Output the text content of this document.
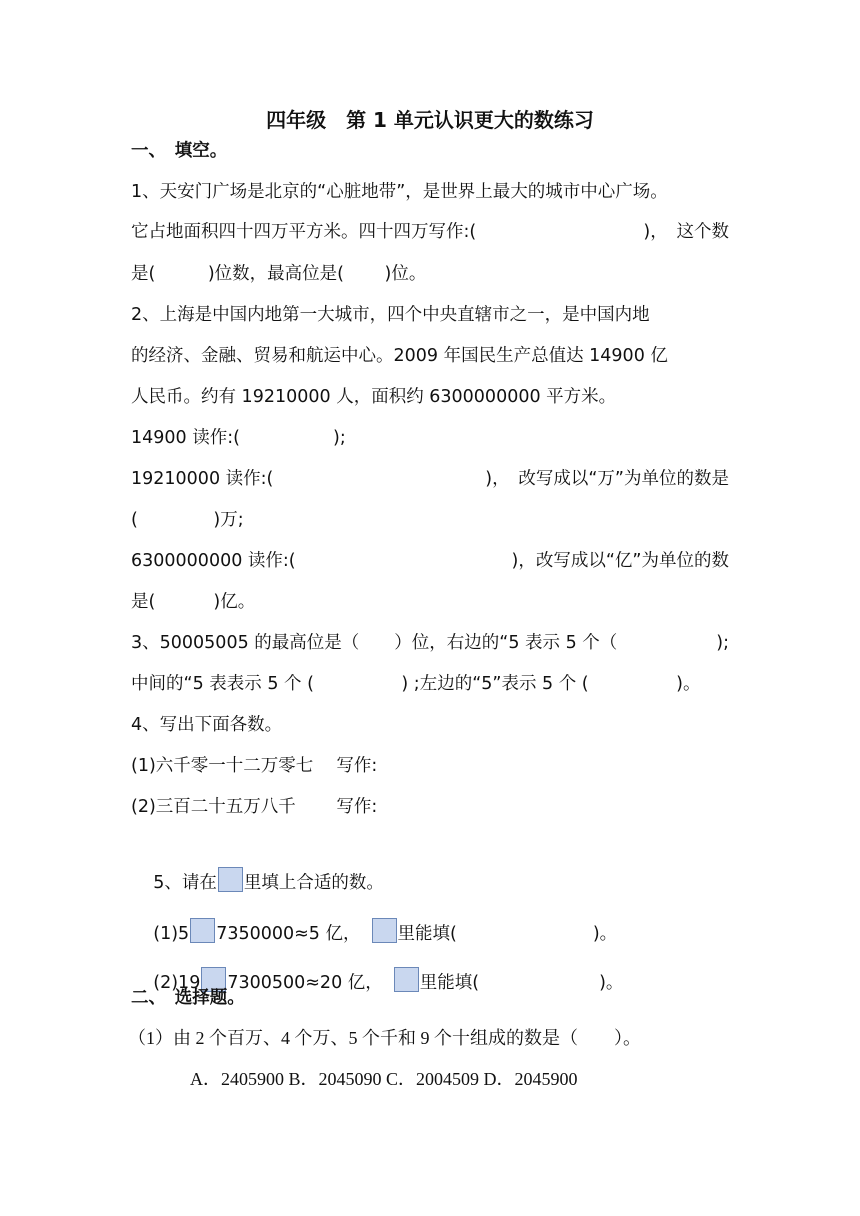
四年级　第 1 单元认识更大的数练习
一、　填空。
1、天安门广场是北京的“心脏地带”，是世界上最大的城市中心广场。
它占地面积四十四万平方米。四十四万写作:(	)，　这个数
是(　　　)位数，最高位是(　　 )位。
2、上海是中国内地第一大城市，四个中央直辖市之一，是中国内地
的经济、金融、贸易和航运中心。2009 年国民生产总值达 14900 亿
人民币。约有 19210000 人，面积约 6300000000 平方米。
14900 读作:(　　　　　 );
19210000 读作:(	)，　改写成以“万”为单位的数是
(　　　　 )万;
6300000000 读作:(	)，改写成以“亿”为单位的数
是(　　　 )亿。
3、50005005 的最高位是（　　）位，右边的“5 表示 5 个（	);
中间的“5 表表示 5 个 (　　　　　) ;左边的“5”表示 5 个 (　　　　　)。
4、写出下面各数。
(1)六千零一十二万零七　 写作:
(2)三百二十五万八千　　 写作:

5、请在 里填上合适的数。

(1)5 7350000≈5 亿， 里能填(	)。

(2)19 7300500≈20 亿， 里能填(	)。

二、　选择题。
（1）由 2 个百万、4 个万、5 个千和 9 个十组成的数是（　　）。
A．2405900 B．2045090 C．2004509 D．2045900
